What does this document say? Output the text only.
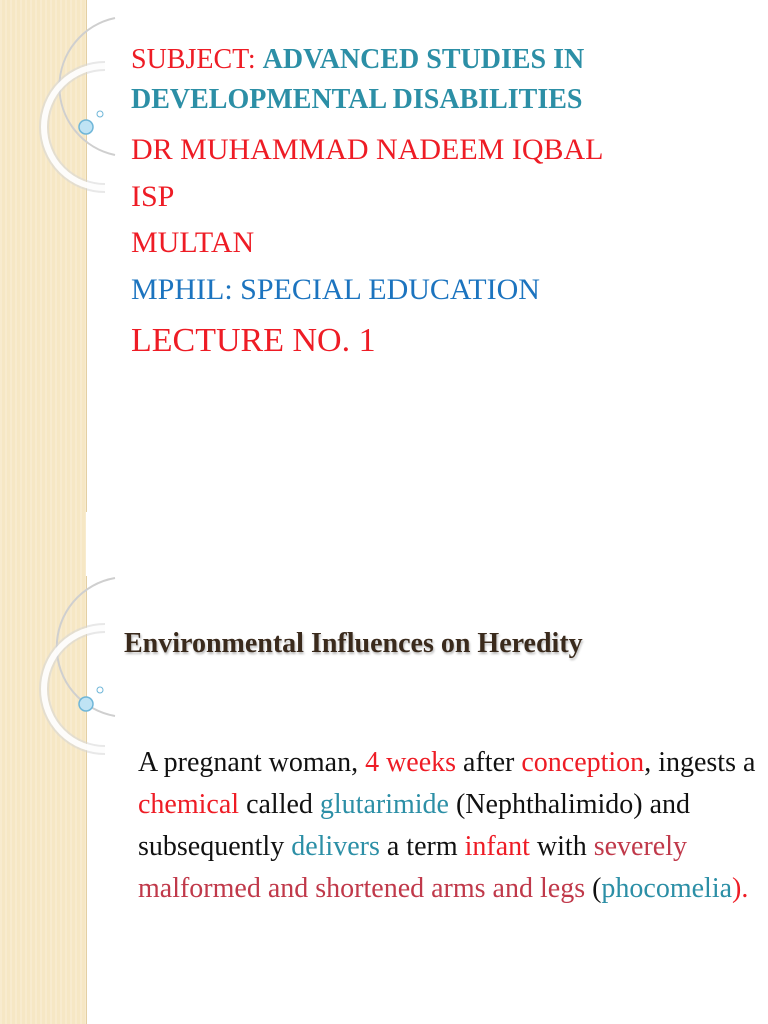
SUBJECT: ADVANCED STUDIES IN
DEVELOPMENTAL DISABILITIES
DR MUHAMMAD NADEEM IQBAL
ISP
MULTAN
MPHIL: SPECIAL EDUCATION
LECTURE NO. 1
Environmental Influences on Heredity
A pregnant woman, 4 weeks after conception, ingests a chemical called glutarimide (Nephthalimido) and subsequently delivers a term infant with severely malformed and shortened arms and legs (phocomelia).
